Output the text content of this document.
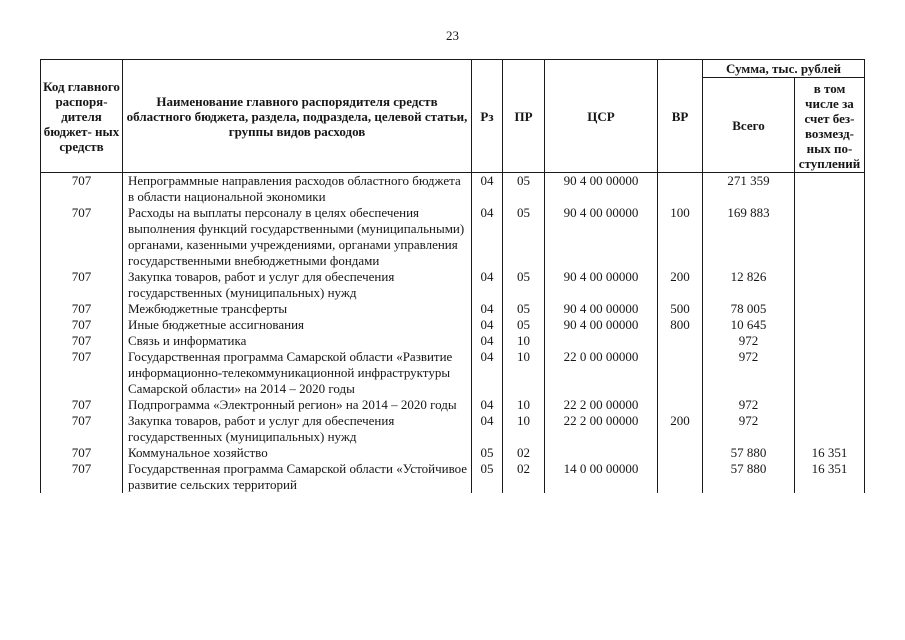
23
Код главного распоря- дителя бюджет- ных средств	Наименование главного распорядителя средств областного бюджета, раздела, подраздела, целевой статьи, группы видов расходов	Рз	ПР	ЦСР	ВР	Сумма, тыс. рублей	
						Всего	в том числе за счет без- возмезд- ных по- ступлений
707	Непрограммные направления расходов областного бюджета в области национальной экономики	04	05	90 4 00 00000		271 359	
707	Расходы на выплаты персоналу в целях обеспечения выполнения функций государственными (муниципальными) органами, казенными учреждениями, органами управления государственными внебюджетными фондами	04	05	90 4 00 00000	100	169 883	
707	Закупка товаров, работ и услуг для обеспечения государственных (муниципальных) нужд	04	05	90 4 00 00000	200	12 826	
707	Межбюджетные трансферты	04	05	90 4 00 00000	500	78 005	
707	Иные бюджетные ассигнования	04	05	90 4 00 00000	800	10 645	
707	Связь и информатика	04	10			972	
707	Государственная программа Самарской области «Развитие информационно-телекоммуникационной инфраструктуры Самарской области» на 2014 – 2020 годы	04	10	22 0 00 00000		972	
707	Подпрограмма «Электронный регион» на 2014 – 2020 годы	04	10	22 2 00 00000		972	
707	Закупка товаров, работ и услуг для обеспечения государственных (муниципальных) нужд	04	10	22 2 00 00000	200	972	
707	Коммунальное хозяйство	05	02			57 880	16 351
707	Государственная программа Самарской области «Устойчивое развитие сельских территорий	05	02	14 0 00 00000		57 880	16 351
